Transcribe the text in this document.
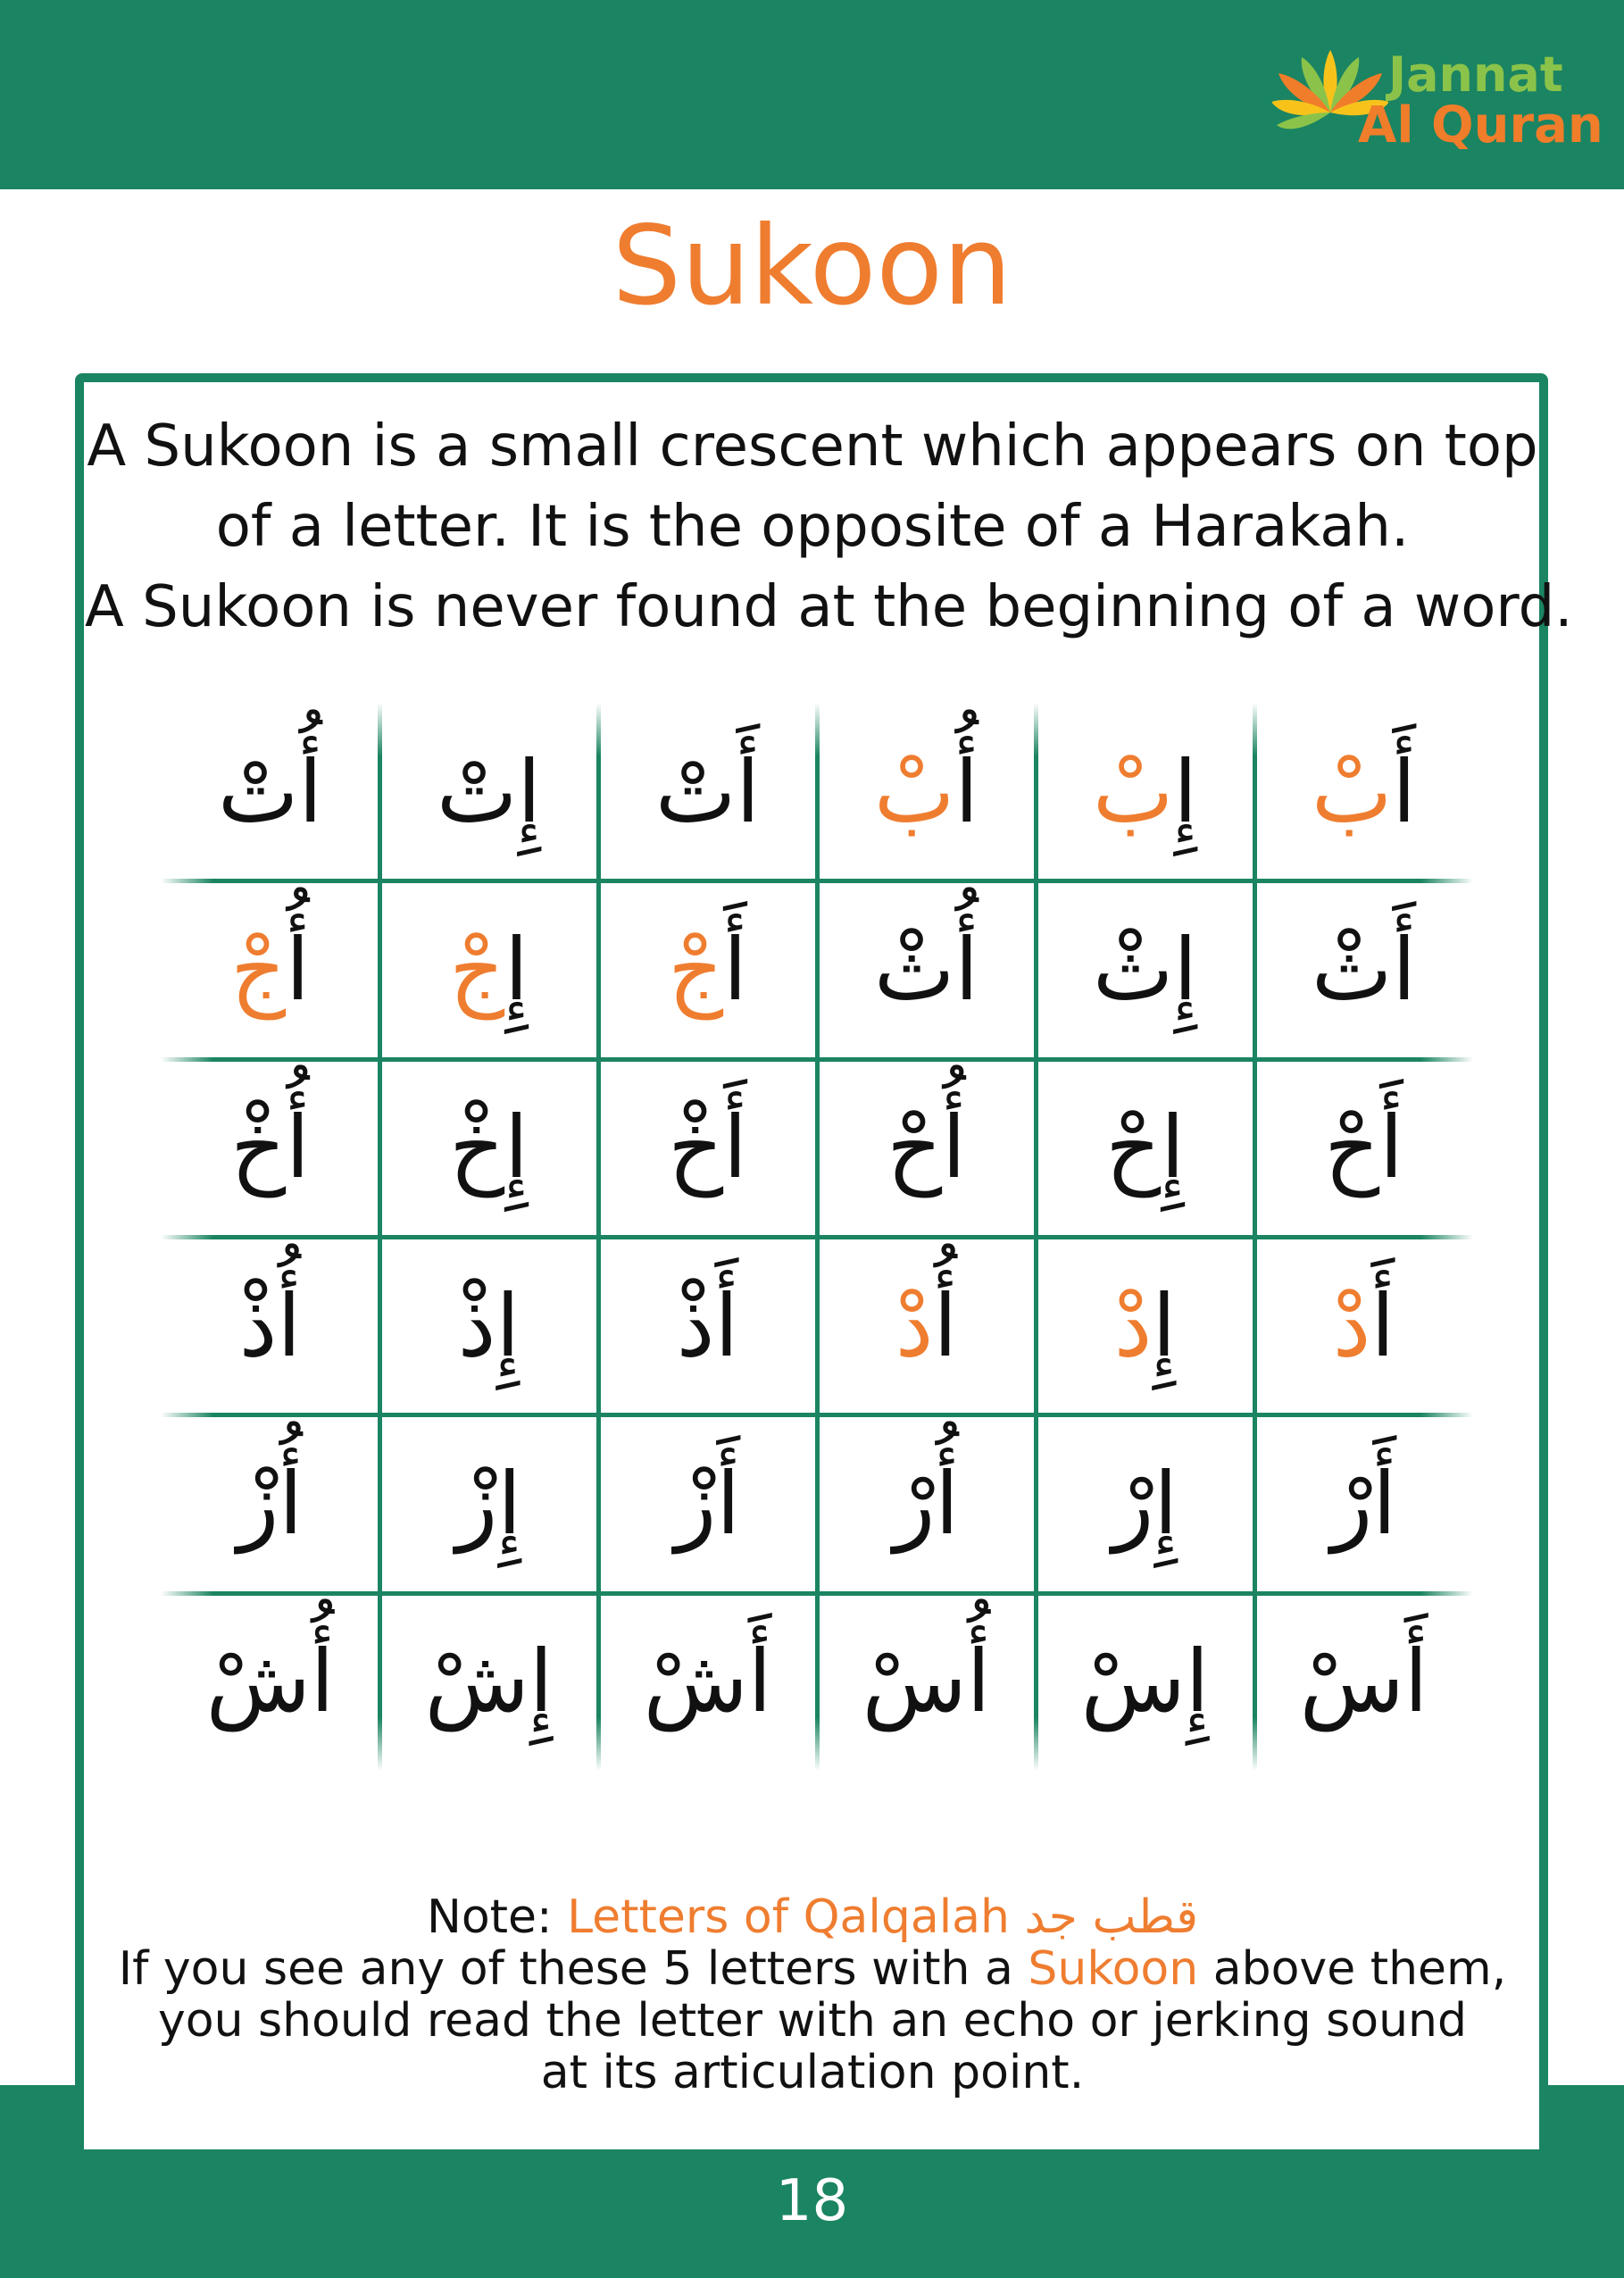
Jannat
Al Quran
Sukoon
A Sukoon is a small crescent which appears on top
of a letter. It is the opposite of a Harakah.
A Sukoon is never found at the beginning of a word.
أَ
بْ
إِ
بْ
أُ
بْ
أَ
تْ
إِ
تْ
أُ
تْ
أَ
ثْ
إِ
ثْ
أُ
ثْ
أَ
جْ
إِ
جْ
أُ
جْ
أَ
حْ
إِ
حْ
أُ
حْ
أَ
خْ
إِ
خْ
أُ
خْ
أَ
دْ
إِ
دْ
أُ
دْ
أَ
ذْ
إِ
ذْ
أُ
ذْ
أَ
رْ
إِ
رْ
أُ
رْ
أَ
زْ
إِ
زْ
أُ
زْ
أَ
سْ
إِ
سْ
أُ
سْ
أَ
شْ
إِ
شْ
أُ
شْ
Note: Letters of Qalqalah قطب جد
If you see any of these 5 letters with a Sukoon above them,
you should read the letter with an echo or jerking sound
at its articulation point.
18
